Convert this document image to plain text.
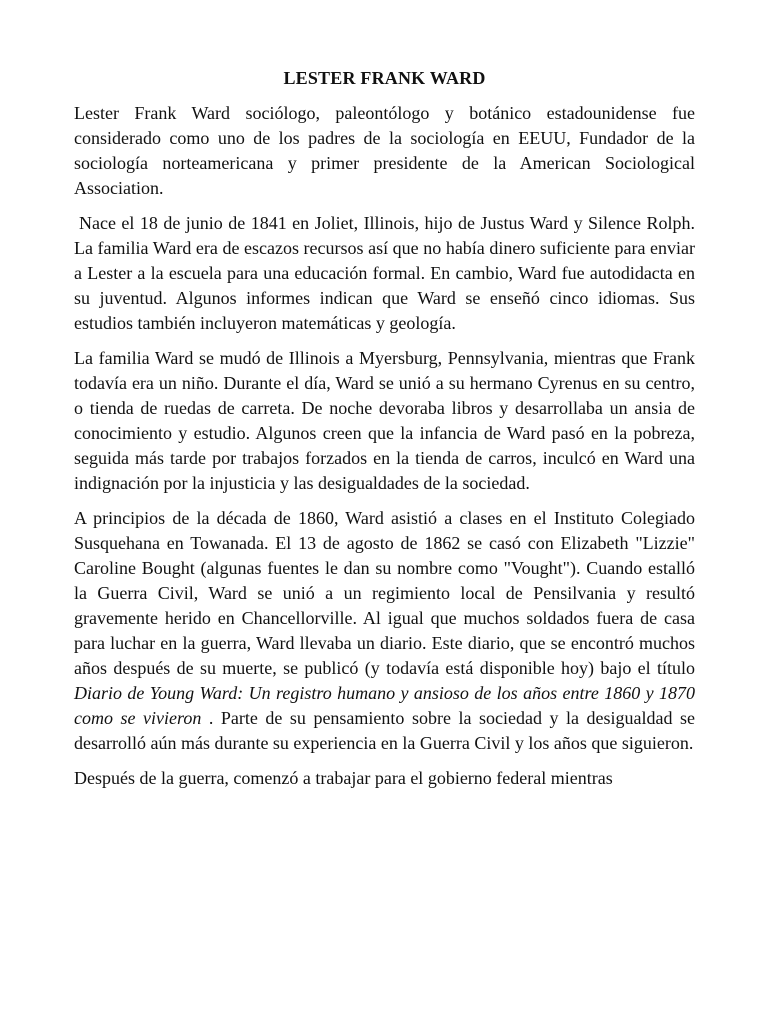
LESTER FRANK WARD

Lester Frank Ward sociólogo, paleontólogo y botánico estadounidense fue considerado como uno de los padres de la sociología en EEUU, Fundador de la sociología norteamericana y primer presidente de la American Sociological Association.

Nace el 18 de junio de 1841 en Joliet, Illinois, hijo de Justus Ward y Silence Rolph. La familia Ward era de escazos recursos así que no había dinero suficiente para enviar a Lester a la escuela para una educación formal. En cambio, Ward fue autodidacta en su juventud. Algunos informes indican que Ward se enseñó cinco idiomas. Sus estudios también incluyeron matemáticas y geología.

La familia Ward se mudó de Illinois a Myersburg, Pennsylvania, mientras que Frank todavía era un niño. Durante el día, Ward se unió a su hermano Cyrenus en su centro, o tienda de ruedas de carreta. De noche devoraba libros y desarrollaba un ansia de conocimiento y estudio. Algunos creen que la infancia de Ward pasó en la pobreza, seguida más tarde por trabajos forzados en la tienda de carros, inculcó en Ward una indignación por la injusticia y las desigualdades de la sociedad.

A principios de la década de 1860, Ward asistió a clases en el Instituto Colegiado Susquehana en Towanada. El 13 de agosto de 1862 se casó con Elizabeth "Lizzie" Caroline Bought (algunas fuentes le dan su nombre como "Vought"). Cuando estalló la Guerra Civil, Ward se unió a un regimiento local de Pensilvania y resultó gravemente herido en Chancellorville. Al igual que muchos soldados fuera de casa para luchar en la guerra, Ward llevaba un diario. Este diario, que se encontró muchos años después de su muerte, se publicó (y todavía está disponible hoy) bajo el título Diario de Young Ward: Un registro humano y ansioso de los años entre 1860 y 1870 como se vivieron . Parte de su pensamiento sobre la sociedad y la desigualdad se desarrolló aún más durante su experiencia en la Guerra Civil y los años que siguieron.

Después de la guerra, comenzó a trabajar para el gobierno federal mientras
